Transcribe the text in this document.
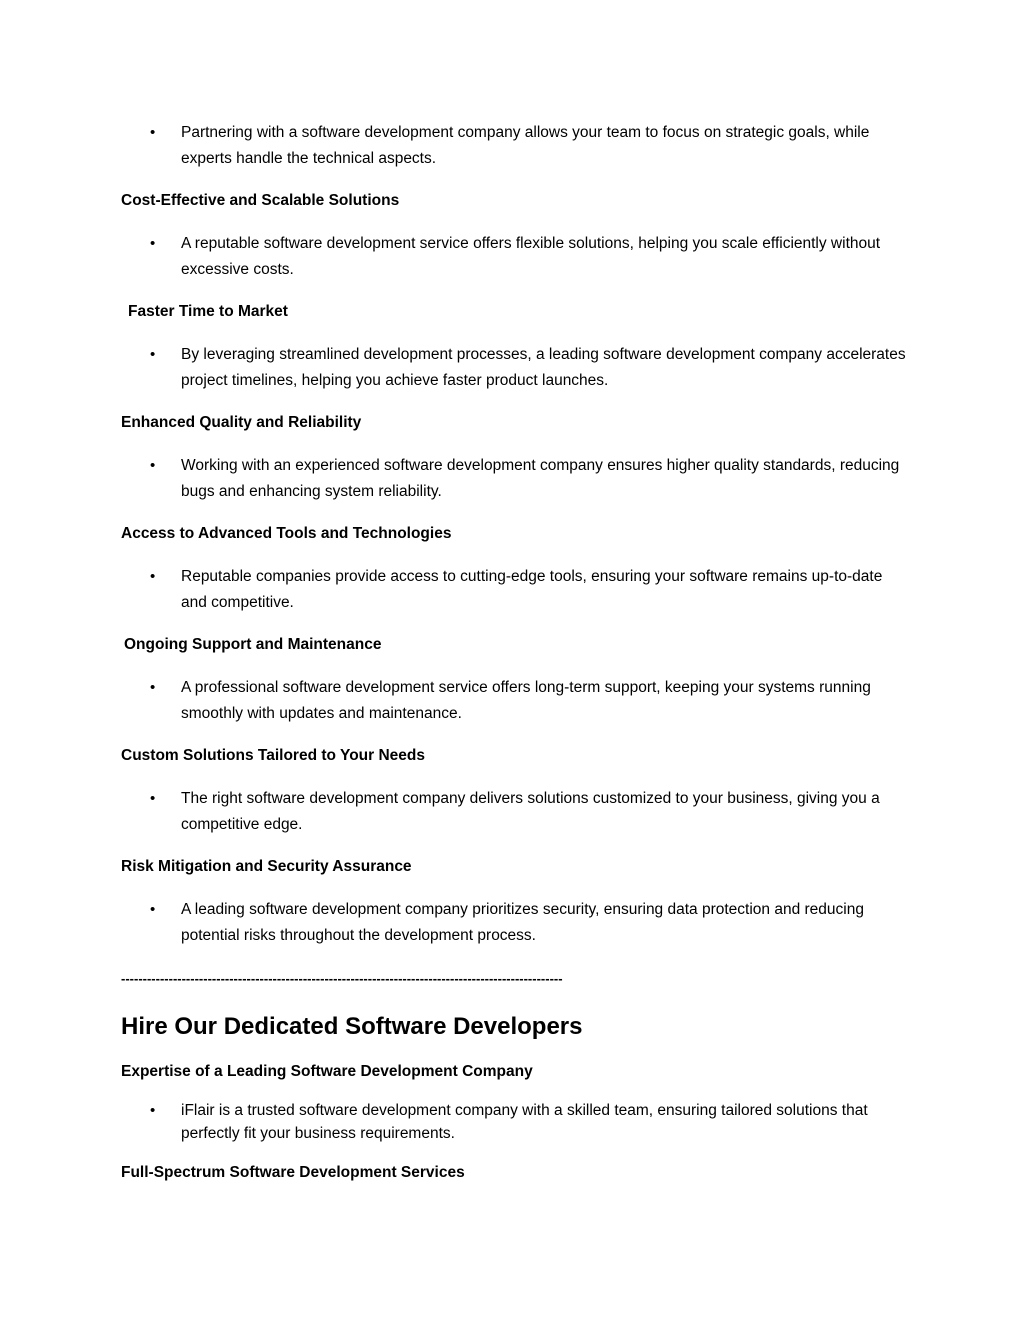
• Partnering with a software development company allows your team to focus on strategic goals, while experts handle the technical aspects.
Cost-Effective and Scalable Solutions
• A reputable software development service offers flexible solutions, helping you scale efficiently without excessive costs.
Faster Time to Market
• By leveraging streamlined development processes, a leading software development company accelerates project timelines, helping you achieve faster product launches.
Enhanced Quality and Reliability
• Working with an experienced software development company ensures higher quality standards, reducing bugs and enhancing system reliability.
Access to Advanced Tools and Technologies
• Reputable companies provide access to cutting-edge tools, ensuring your software remains up-to-date and competitive.
Ongoing Support and Maintenance
• A professional software development service offers long-term support, keeping your systems running smoothly with updates and maintenance.
Custom Solutions Tailored to Your Needs
• The right software development company delivers solutions customized to your business, giving you a competitive edge.
Risk Mitigation and Security Assurance
• A leading software development company prioritizes security, ensuring data protection and reducing potential risks throughout the development process.
------------------------------------------------------------------------------------------------------
Hire Our Dedicated Software Developers
Expertise of a Leading Software Development Company
• iFlair is a trusted software development company with a skilled team, ensuring tailored solutions that perfectly fit your business requirements.
Full-Spectrum Software Development Services
